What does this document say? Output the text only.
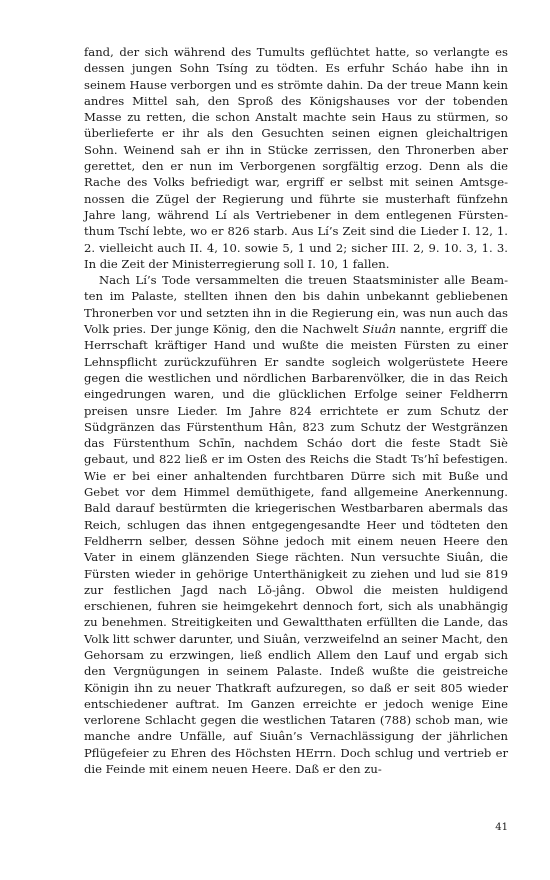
fand, der sich während des Tumults geflüchtet hatte, so verlangte es dessen jungen Sohn Tsíng zu tödten. Es erfuhr Scháo habe ihn in seinem Hause verborgen und es strömte dahin. Da der treue Mann kein andres Mittel sah, den Sproß des Königshauses vor der tobenden Masse zu retten, die schon Anstalt machte sein Haus zu stürmen, so überlieferte er ihr als den Gesuchten seinen eignen gleichaltrigen Sohn. Weinend sah er ihn in Stücke zerrissen, den Thronerben aber gerettet, den er nun im Verborgenen sorgfältig erzog. Denn als die Rache des Volks befriedigt war, ergriff er selbst mit seinen Amtsgenossen die Zügel der Regierung und führte sie musterhaft fünfzehn Jahre lang, während Lí als Vertriebener in dem entlegenen Fürstenthum Tschí lebte, wo er 826 starb. Aus Lí’s Zeit sind die Lieder I. 12, 1. 2. vielleicht auch II. 4, 10. sowie 5, 1 und 2; sicher III. 2, 9. 10. 3, 1. 3. In die Zeit der Ministerregierung soll I. 10, 1 fallen.

Nach Lí’s Tode versammelten die treuen Staatsminister alle Beamten im Palaste, stellten ihnen den bis dahin unbekannt gebliebenen Thronerben vor und setzten ihn in die Regierung ein, was nun auch das Volk pries. Der junge König, den die Nachwelt Siuân nannte, ergriff die Herrschaft kräftiger Hand und wußte die meisten Fürsten zu einer Lehnspflicht zurückzuführen Er sandte sogleich wolgerüstete Heere gegen die westlichen und nördlichen Barbarenvölker, die in das Reich eingedrungen waren, und die glücklichen Erfolge seiner Feldherrn preisen unsre Lieder. Im Jahre 824 errichtete er zum Schutz der Südgränzen das Fürstenthum Hân, 823 zum Schutz der Westgränzen das Fürstenthum Schīn, nachdem Scháo dort die feste Stadt Siè gebaut, und 822 ließ er im Osten des Reichs die Stadt Ts’hî befestigen. Wie er bei einer anhaltenden furchtbaren Dürre sich mit Buße und Gebet vor dem Himmel demüthigete, fand allgemeine Anerkennung. Bald darauf bestürmten die kriegerischen Westbarbaren abermals das Reich, schlugen das ihnen entgegengesandte Heer und tödteten den Feldherrn selber, dessen Söhne jedoch mit einem neuen Heere den Vater in einem glänzenden Siege rächten. Nun versuchte Siuân, die Fürsten wieder in gehörige Unterthänigkeit zu ziehen und lud sie 819 zur festlichen Jagd nach Lŏ-jâng. Obwol die meisten huldigend erschienen, fuhren sie heimgekehrt dennoch fort, sich als unabhängig zu benehmen. Streitigkeiten und Gewaltthaten erfüllten die Lande, das Volk litt schwer darunter, und Siuân, verzweifelnd an seiner Macht, den Gehorsam zu erzwingen, ließ endlich Allem den Lauf und ergab sich den Vergnügungen in seinem Palaste. Indeß wußte die geistreiche Königin ihn zu neuer Thatkraft aufzuregen, so daß er seit 805 wieder entschiedener auftrat. Im Ganzen erreichte er jedoch wenige Eine verlorene Schlacht gegen die westlichen Tataren (788) schob man, wie manche andre Unfälle, auf Siuân’s Vernachlässigung der jährlichen Pflügefeier zu Ehren des Höchsten HErrn. Doch schlug und vertrieb er die Feinde mit einem neuen Heere. Daß er den zu-

41
